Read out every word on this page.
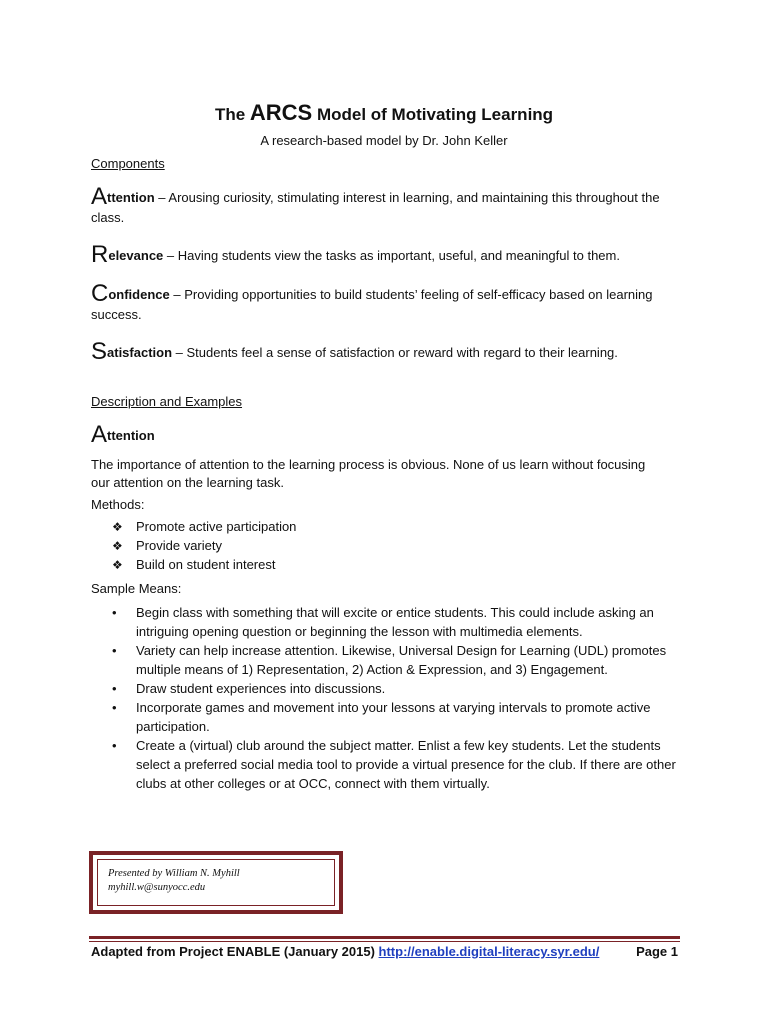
The ARCS Model of Motivating Learning
A research-based model by Dr. John Keller
Components
Attention – Arousing curiosity, stimulating interest in learning, and maintaining this throughout the class.
Relevance – Having students view the tasks as important, useful, and meaningful to them.
Confidence – Providing opportunities to build students’ feeling of self-efficacy based on learning success.
Satisfaction – Students feel a sense of satisfaction or reward with regard to their learning.
Description and Examples
Attention
The importance of attention to the learning process is obvious. None of us learn without focusing our attention on the learning task.
Methods:
❖ Promote active participation
❖ Provide variety
❖ Build on student interest
Sample Means:
• Begin class with something that will excite or entice students. This could include asking an intriguing opening question or beginning the lesson with multimedia elements.
• Variety can help increase attention. Likewise, Universal Design for Learning (UDL) promotes multiple means of 1) Representation, 2) Action & Expression, and 3) Engagement.
• Draw student experiences into discussions.
• Incorporate games and movement into your lessons at varying intervals to promote active participation.
• Create a (virtual) club around the subject matter. Enlist a few key students. Let the students select a preferred social media tool to provide a virtual presence for the club. If there are other clubs at other colleges or at OCC, connect with them virtually.
Presented by William N. Myhill
myhill.w@sunyocc.edu
Adapted from Project ENABLE (January 2015) http://enable.digital-literacy.syr.edu/	Page 1
